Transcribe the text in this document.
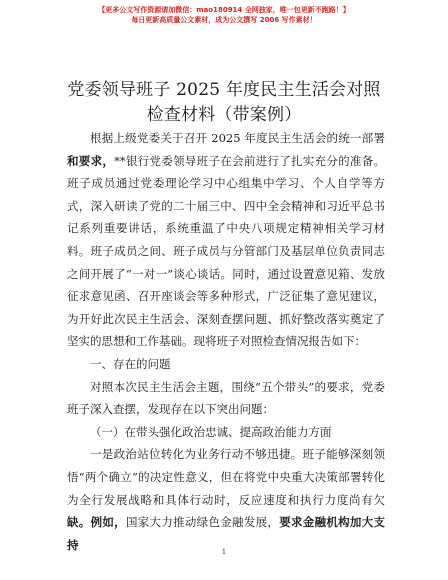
【更多公文写作资源请加微信：mao180914 全网独家，唯一包更新不跑路！】
每日更新高质量公文素材，成为公文撰写 2006 写作素材！
党委领导班子 2025 年度民主生活会对照检查材料（带案例）

根据上级党委关于召开 2025 年度民主生活会的统一部署和要求，**银行党委领导班子在会前进行了扎实充分的准备。班子成员通过党委理论学习中心组集中学习、个人自学等方式，深入研读了党的二十届三中、四中全会精神和习近平总书记系列重要讲话，系统重温了中央八项规定精神相关学习材料。班子成员之间、班子成员与分管部门及基层单位负责同志之间开展了“一对一”谈心谈话。同时，通过设置意见箱、发放征求意见函、召开座谈会等多种形式，广泛征集了意见建议，为开好此次民主生活会、深刻查摆问题、抓好整改落实奠定了坚实的思想和工作基础。现将班子对照检查情况报告如下：

一、存在的问题

对照本次民主生活会主题，围绕“五个带头”的要求，党委班子深入查摆，发现存在以下突出问题：

（一）在带头强化政治忠诚、提高政治能力方面

一是政治站位转化为业务行动不够迅捷。班子能够深刻领悟“两个确立”的决定性意义，但在将党中央重大决策部署转化为全行发展战略和具体行动时，反应速度和执行力度尚有欠缺。例如，国家大力推动绿色金融发展，要求金融机构加大支持

1
